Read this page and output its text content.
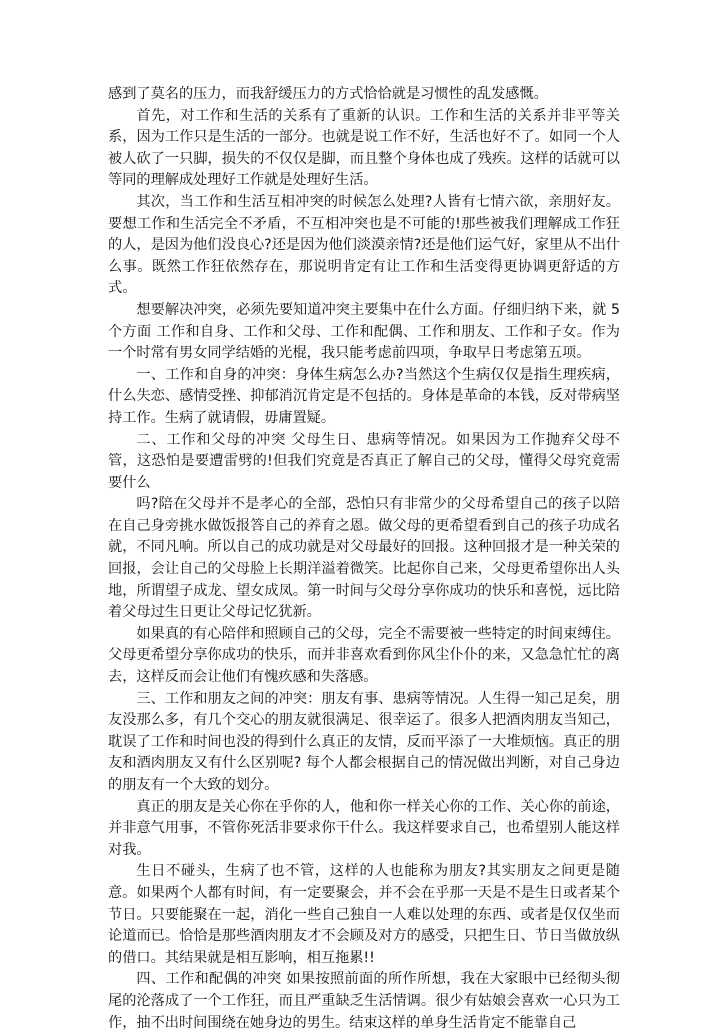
感到了莫名的压力，而我舒缓压力的方式恰恰就是习惯性的乱发感慨。

首先，对工作和生活的关系有了重新的认识。工作和生活的关系并非平等关系，因为工作只是生活的一部分。也就是说工作不好，生活也好不了。如同一个人被人砍了一只脚，损失的不仅仅是脚，而且整个身体也成了残疾。这样的话就可以等同的理解成处理好工作就是处理好生活。

其次，当工作和生活互相冲突的时候怎么处理?人皆有七情六欲，亲朋好友。要想工作和生活完全不矛盾，不互相冲突也是不可能的!那些被我们理解成工作狂的人，是因为他们没良心?还是因为他们淡漠亲情?还是他们运气好，家里从不出什么事。既然工作狂依然存在，那说明肯定有让工作和生活变得更协调更舒适的方式。

想要解决冲突，必须先要知道冲突主要集中在什么方面。仔细归纳下来，就 5 个方面 工作和自身、工作和父母、工作和配偶、工作和朋友、工作和子女。作为一个时常有男女同学结婚的光棍，我只能考虑前四项，争取早日考虑第五项。

一、工作和自身的冲突：身体生病怎么办?当然这个生病仅仅是指生理疾病，什么失恋、感情受挫、抑郁消沉肯定是不包括的。身体是革命的本钱，反对带病坚持工作。生病了就请假，毋庸置疑。

二、工作和父母的冲突 父母生日、患病等情况。如果因为工作抛弃父母不管，这恐怕是要遭雷劈的!但我们究竟是否真正了解自己的父母，懂得父母究竟需要什么

吗?陪在父母并不是孝心的全部，恐怕只有非常少的父母希望自己的孩子以陪在自己身旁挑水做饭报答自己的养育之恩。做父母的更希望看到自己的孩子功成名就，不同凡响。所以自己的成功就是对父母最好的回报。这种回报才是一种关荣的回报，会让自己的父母脸上长期洋溢着微笑。比起你自己来，父母更希望你出人头地，所谓望子成龙、望女成凤。第一时间与父母分享你成功的快乐和喜悦，远比陪着父母过生日更让父母记忆犹新。

如果真的有心陪伴和照顾自己的父母，完全不需要被一些特定的时间束缚住。父母更希望分享你成功的快乐，而并非喜欢看到你风尘仆仆的来，又急急忙忙的离去，这样反而会让他们有愧疚感和失落感。

三、工作和朋友之间的冲突：朋友有事、患病等情况。人生得一知己足矣，朋友没那么多，有几个交心的朋友就很满足、很幸运了。很多人把酒肉朋友当知己，耽误了工作和时间也没的得到什么真正的友情，反而平添了一大堆烦恼。真正的朋友和酒肉朋友又有什么区别呢? 每个人都会根据自己的情况做出判断，对自己身边的朋友有一个大致的划分。

真正的朋友是关心你在乎你的人，他和你一样关心你的工作、关心你的前途，并非意气用事，不管你死活非要求你干什么。我这样要求自己，也希望别人能这样对我。

生日不碰头，生病了也不管，这样的人也能称为朋友?其实朋友之间更是随意。如果两个人都有时间，有一定要聚会，并不会在乎那一天是不是生日或者某个节日。只要能聚在一起，消化一些自己独自一人难以处理的东西、或者是仅仅坐而论道而已。恰恰是那些酒肉朋友才不会顾及对方的感受，只把生日、节日当做放纵的借口。其结果就是相互影响，相互拖累!!

四、工作和配偶的冲突 如果按照前面的所作所想，我在大家眼中已经彻头彻尾的沦落成了一个工作狂，而且严重缺乏生活情调。很少有姑娘会喜欢一心只为工作，抽不出时间围绕在她身边的男生。结束这样的单身生活肯定不能靠自己
